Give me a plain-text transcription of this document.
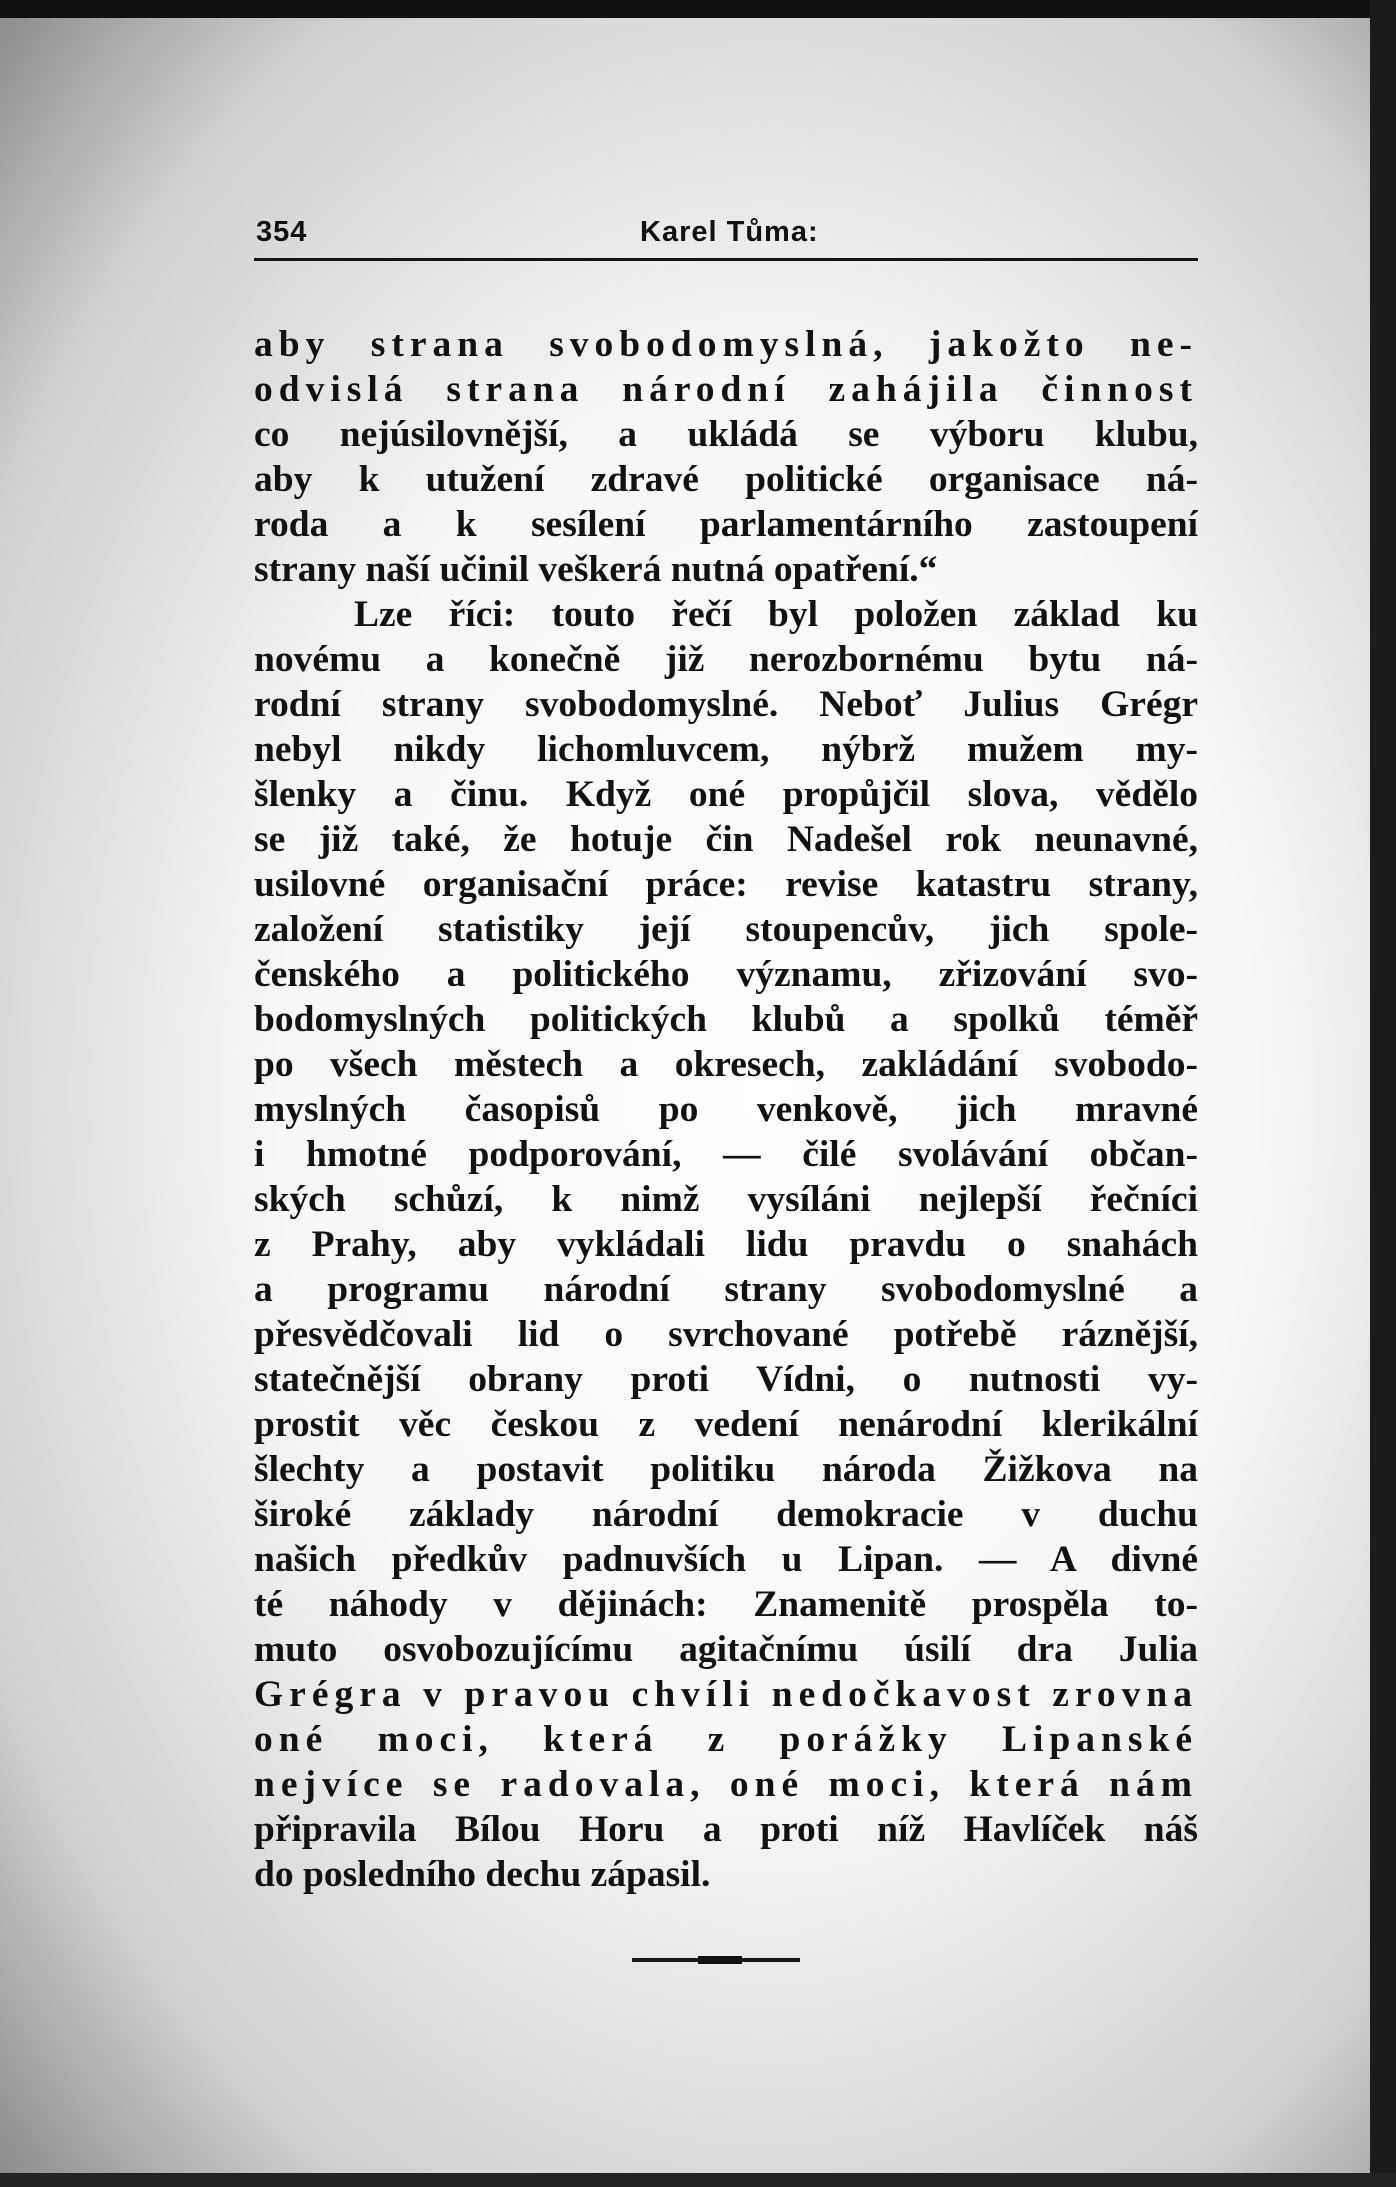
354	Karel Tůma:
aby strana svobodomyslná, jakožto ne-
odvislá strana národní zahájila činnost
co nejúsilovnější, a ukládá se výboru klubu,
aby k utužení zdravé politické organisace ná-
roda a k sesílení parlamentárního zastoupení
strany naší učinil veškerá nutná opatření.“
Lze říci: touto řečí byl položen základ ku
novému a konečně již nerozbornému bytu ná-
rodní strany svobodomyslné. Neboť Julius Grégr
nebyl nikdy lichomluvcem, nýbrž mužem my-
šlenky a činu. Když oné propůjčil slova, vědělo
se již také, že hotuje čin Nadešel rok neunavné,
usilovné organisační práce: revise katastru strany,
založení statistiky její stoupencův, jich spole-
čenského a politického významu, zřizování svo-
bodomyslných politických klubů a spolků téměř
po všech městech a okresech, zakládání svobodo-
myslných časopisů po venkově, jich mravné
i hmotné podporování, — čilé svolávání občan-
ských schůzí, k nimž vysíláni nejlepší řečníci
z Prahy, aby vykládali lidu pravdu o snahách
a programu národní strany svobodomyslné a
přesvědčovali lid o svrchované potřebě ráznější,
statečnější obrany proti Vídni, o nutnosti vy-
prostit věc českou z vedení nenárodní klerikální
šlechty a postavit politiku národa Žižkova na
široké základy národní demokracie v duchu
našich předkův padnuvších u Lipan. — A divné
té náhody v dějinách: Znamenitě prospěla to-
muto osvobozujícímu agitačnímu úsilí dra Julia
Grégra v pravou chvíli nedočkavost zrovna
oné moci, která z porážky Lipanské
nejvíce se radovala, oné moci, která nám
připravila Bílou Horu a proti níž Havlíček náš
do posledního dechu zápasil.
